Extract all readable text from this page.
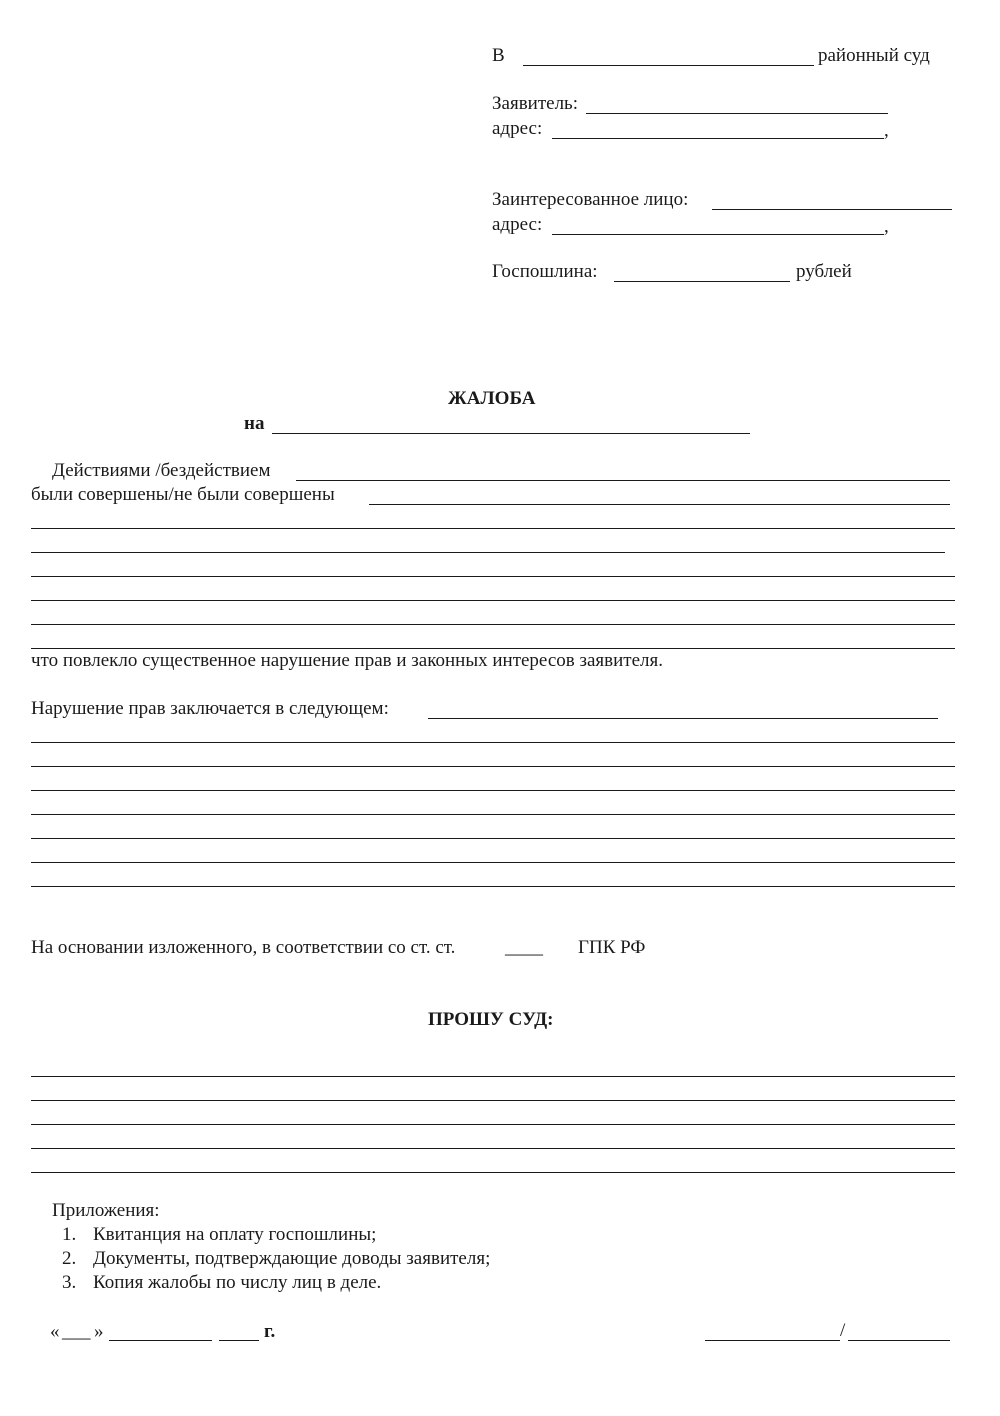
В	районный суд
Заявитель:
адрес:	,
Заинтересованное лицо:
адрес:	,
Госпошлина:	рублей
ЖАЛОБА
на
Действиями /бездействием
были совершены/не были совершены
что повлекло существенное нарушение прав и законных интересов заявителя.
Нарушение прав заключается в следующем:
На основании изложенного, в соответствии со ст. ст.	____ ГПК РФ
ПРОШУ СУД:
Приложения:
1. Квитанция на оплату госпошлины;
2. Документы, подтверждающие доводы заявителя;
3. Копия жалобы по числу лиц в деле.
« ___ »	г.	/
